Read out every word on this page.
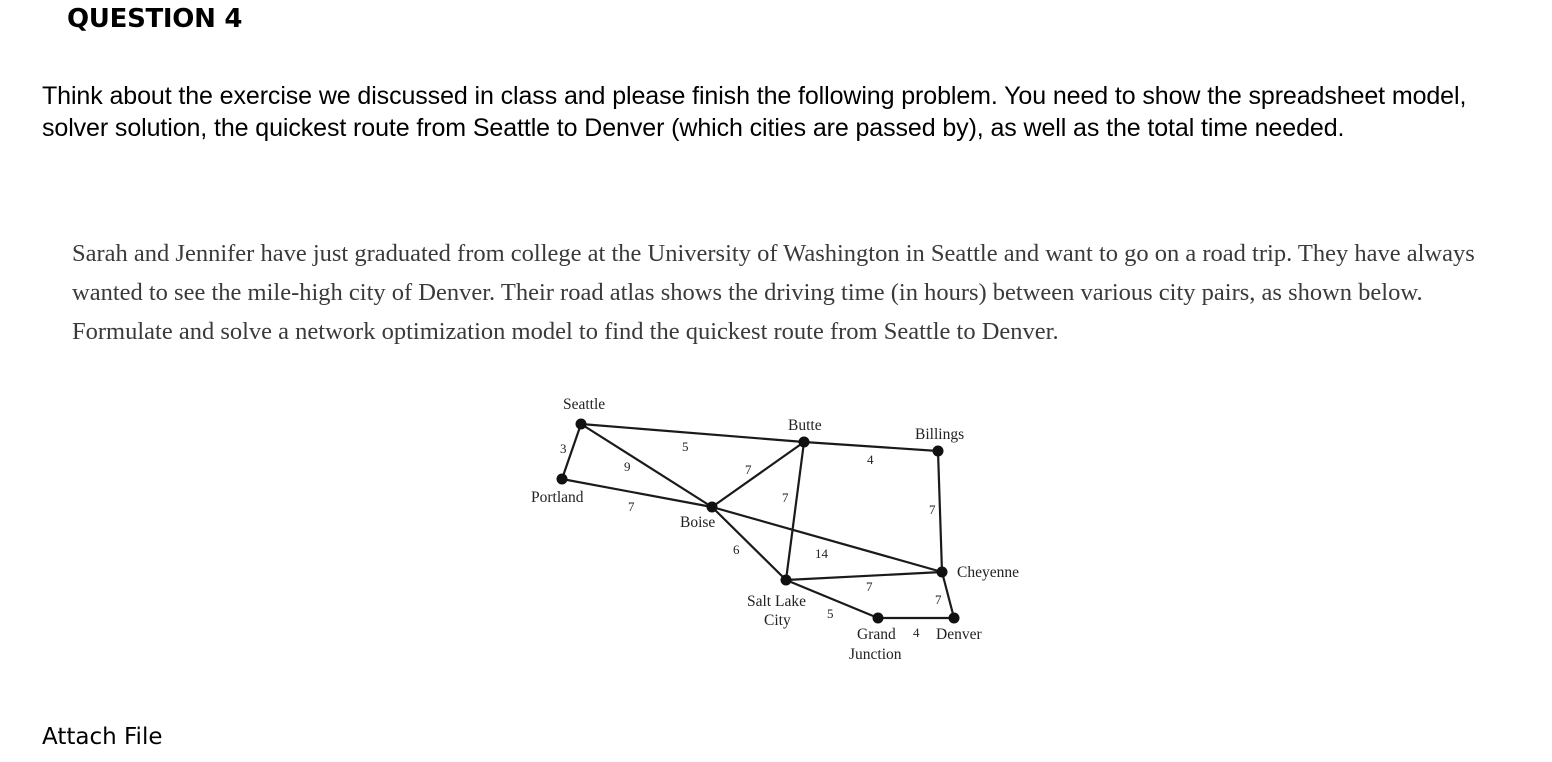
QUESTION 4

Think about the exercise we discussed in class and please finish the following problem. You need to show the spreadsheet model, solver solution, the quickest route from Seattle to Denver (which cities are passed by), as well as the total time needed.

Sarah and Jennifer have just graduated from college at the University of Washington in Seattle and want to go on a road trip. They have always wanted to see the mile-high city of Denver. Their road atlas shows the driving time (in hours) between various city pairs, as shown below. Formulate and solve a network optimization model to find the quickest route from Seattle to Denver.

Seattle
Portland
Boise
Butte
Billings
Cheyenne
Salt Lake
City
Grand
Junction
Denver
3
9
5
7
7
6	14
4
7
7
7
5
7
4

Attach File
